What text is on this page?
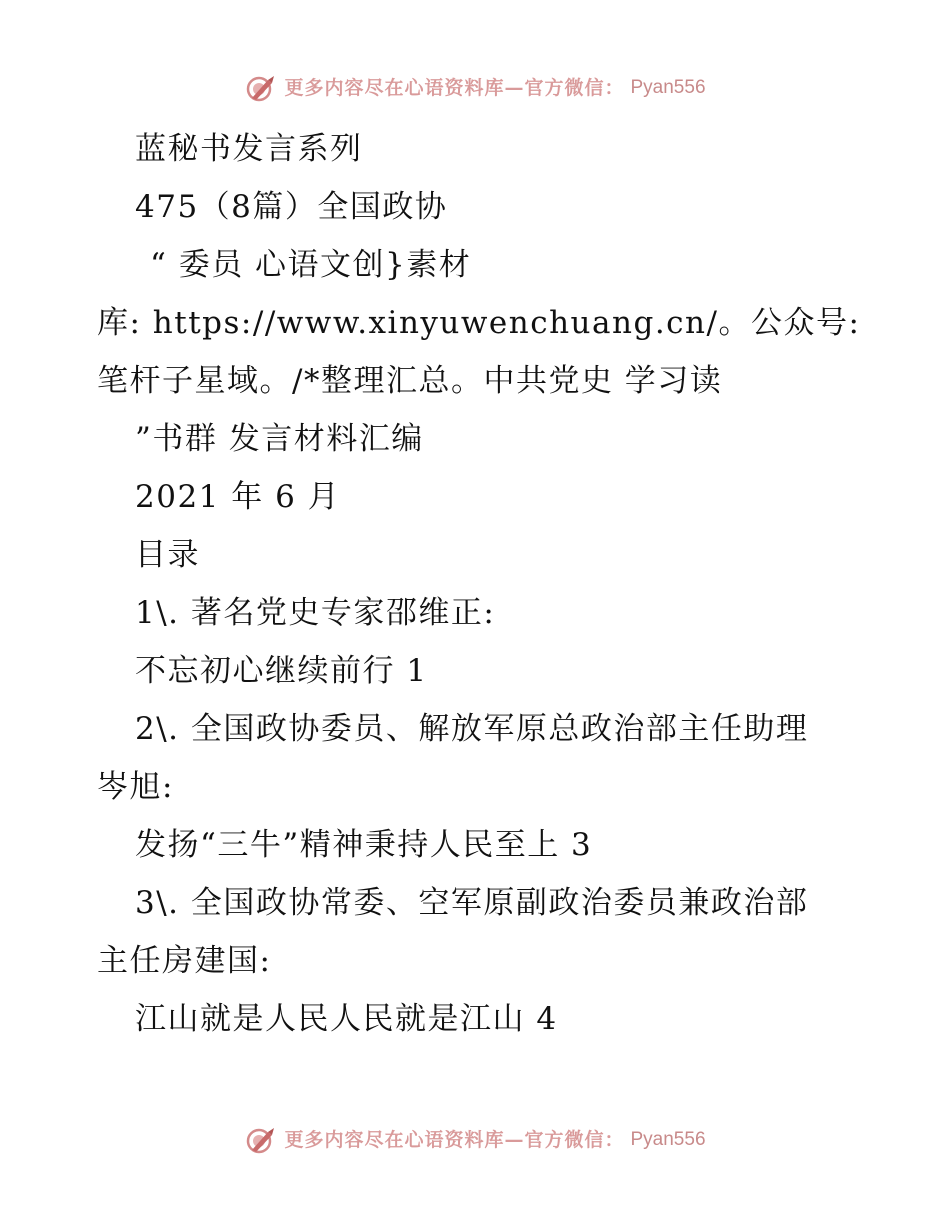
更多内容尽在心语资料库—官方微信： Pyan556
蓝秘书发言系列
475（8篇）全国政协
“ 委员 心语文创}素材
库: https://www.xinyuwenchuang.cn/。公众号:
笔杆子星域。/*整理汇总。中共党史 学习读
”书群 发言材料汇编
2021 年 6 月
目录
1\. 著名党史专家邵维正:
不忘初心继续前行 1
2\. 全国政协委员、解放军原总政治部主任助理
岑旭:
发扬“三牛”精神秉持人民至上 3
3\. 全国政协常委、空军原副政治委员兼政治部
主任房建国:
江山就是人民人民就是江山 4
更多内容尽在心语资料库—官方微信： Pyan556
